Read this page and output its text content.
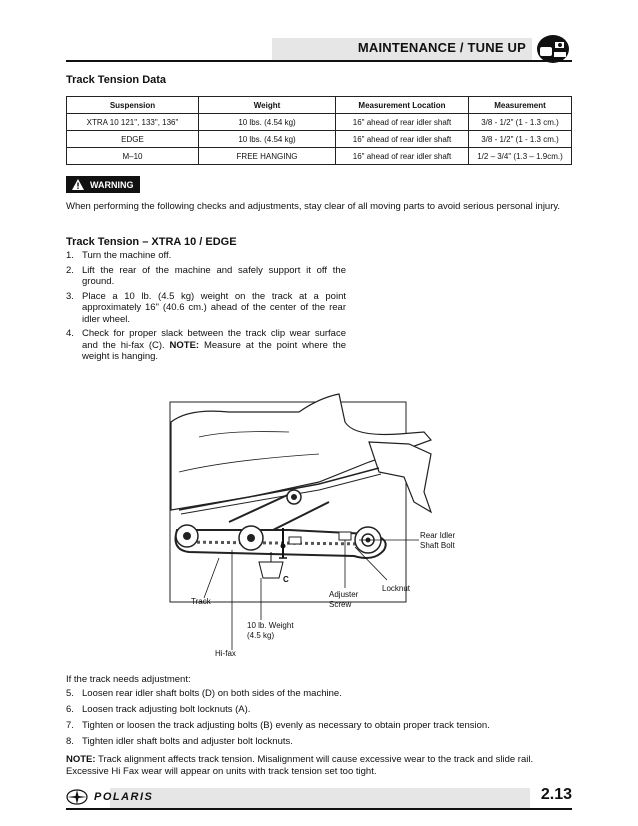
MAINTENANCE / TUNE UP
Track Tension Data
Suspension	Weight	Measurement Location	Measurement
XTRA 10 121", 133", 136"	10 lbs. (4.54 kg)	16" ahead of rear idler shaft	3/8 - 1/2" (1 - 1.3 cm.)
EDGE	10 lbs. (4.54 kg)	16" ahead of rear idler shaft	3/8 - 1/2" (1 - 1.3 cm.)
M–10	FREE HANGING	16" ahead of rear idler shaft	1/2 – 3/4" (1.3 – 1.9cm.)
WARNING
When performing the following checks and adjustments, stay clear of all moving parts to avoid serious personal injury.
Track Tension – XTRA 10 / EDGE
1. Turn the machine off.
2. Lift the rear of the machine and safely support it off the ground.
3. Place a 10 lb. (4.5 kg) weight on the track at a point approximately 16" (40.6 cm.) ahead of the center of the rear idler wheel.
4. Check for proper slack between the track clip wear surface and the hi-fax (C). NOTE: Measure at the point where the weight is hanging.
Rear Idler
Shaft Bolt
Locknut
Adjuster
Screw
C
Track
10 lb. Weight
(4.5 kg)
Hi-fax
If the track needs adjustment:
5. Loosen rear idler shaft bolts (D) on both sides of the machine.
6. Loosen track adjusting bolt locknuts (A).
7. Tighten or loosen the track adjusting bolts (B) evenly as necessary to obtain proper track tension.
8. Tighten idler shaft bolts and adjuster bolt locknuts.
NOTE: Track alignment affects track tension. Misalignment will cause excessive wear to the track and slide rail. Excessive Hi Fax wear will appear on units with track tension set too tight.
POLARIS	2.13
